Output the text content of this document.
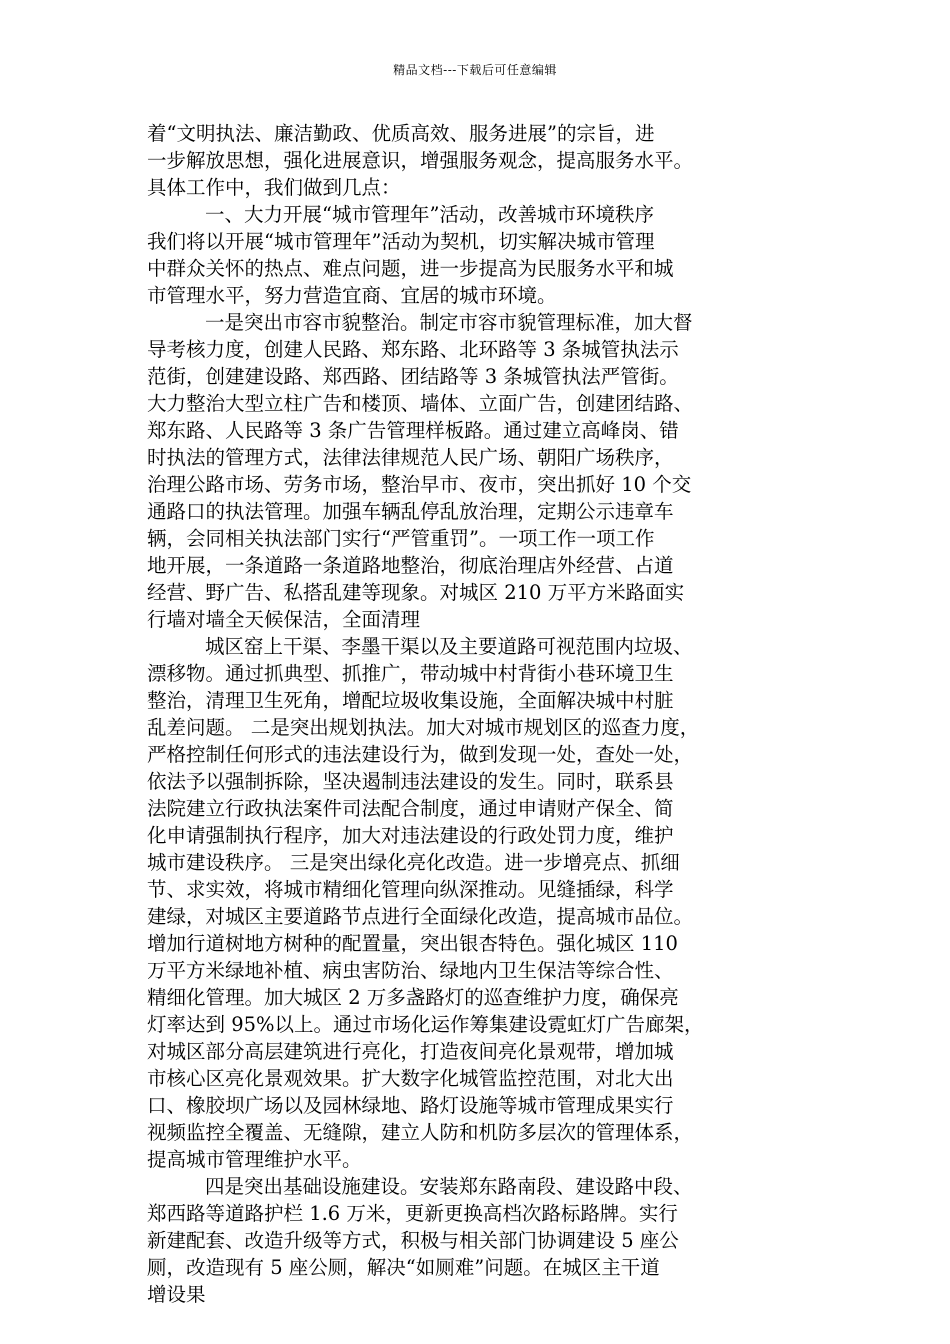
精品文档---下载后可任意编辑
着“文明执法、廉洁勤政、优质高效、服务进展”的宗旨，进
一步解放思想，强化进展意识，增强服务观念，提高服务水平。
具体工作中，我们做到几点：
一、大力开展“城市管理年”活动，改善城市环境秩序
我们将以开展“城市管理年”活动为契机，切实解决城市管理
中群众关怀的热点、难点问题，进一步提高为民服务水平和城
市管理水平，努力营造宜商、宜居的城市环境。
一是突出市容市貌整治。制定市容市貌管理标准，加大督
导考核力度，创建人民路、郑东路、北环路等 3 条城管执法示
范街，创建建设路、郑西路、团结路等 3 条城管执法严管街。
大力整治大型立柱广告和楼顶、墙体、立面广告，创建团结路、
郑东路、人民路等 3 条广告管理样板路。通过建立高峰岗、错
时执法的管理方式，法律法律规范人民广场、朝阳广场秩序，
治理公路市场、劳务市场，整治早市、夜市，突出抓好 10 个交
通路口的执法管理。加强车辆乱停乱放治理，定期公示违章车
辆，会同相关执法部门实行“严管重罚”。一项工作一项工作
地开展，一条道路一条道路地整治，彻底治理店外经营、占道
经营、野广告、私搭乱建等现象。对城区 210 万平方米路面实
行墙对墙全天候保洁，全面清理
城区窑上干渠、李墨干渠以及主要道路可视范围内垃圾、
漂移物。通过抓典型、抓推广，带动城中村背街小巷环境卫生
整治，清理卫生死角，增配垃圾收集设施，全面解决城中村脏
乱差问题。 二是突出规划执法。加大对城市规划区的巡查力度，
严格控制任何形式的违法建设行为，做到发现一处，查处一处，
依法予以强制拆除，坚决遏制违法建设的发生。同时，联系县
法院建立行政执法案件司法配合制度，通过申请财产保全、简
化申请强制执行程序，加大对违法建设的行政处罚力度，维护
城市建设秩序。 三是突出绿化亮化改造。进一步增亮点、抓细
节、求实效，将城市精细化管理向纵深推动。见缝插绿，科学
建绿，对城区主要道路节点进行全面绿化改造，提高城市品位。
增加行道树地方树种的配置量，突出银杏特色。强化城区 110
万平方米绿地补植、病虫害防治、绿地内卫生保洁等综合性、
精细化管理。加大城区 2 万多盏路灯的巡查维护力度，确保亮
灯率达到 95%以上。通过市场化运作筹集建设霓虹灯广告廊架，
对城区部分高层建筑进行亮化，打造夜间亮化景观带，增加城
市核心区亮化景观效果。扩大数字化城管监控范围，对北大出
口、橡胶坝广场以及园林绿地、路灯设施等城市管理成果实行
视频监控全覆盖、无缝隙，建立人防和机防多层次的管理体系，
提高城市管理维护水平。
四是突出基础设施建设。安装郑东路南段、建设路中段、
郑西路等道路护栏 1.6 万米，更新更换高档次路标路牌。实行
新建配套、改造升级等方式，积极与相关部门协调建设 5 座公
厕，改造现有 5 座公厕，解决“如厕难”问题。在城区主干道
增设果
